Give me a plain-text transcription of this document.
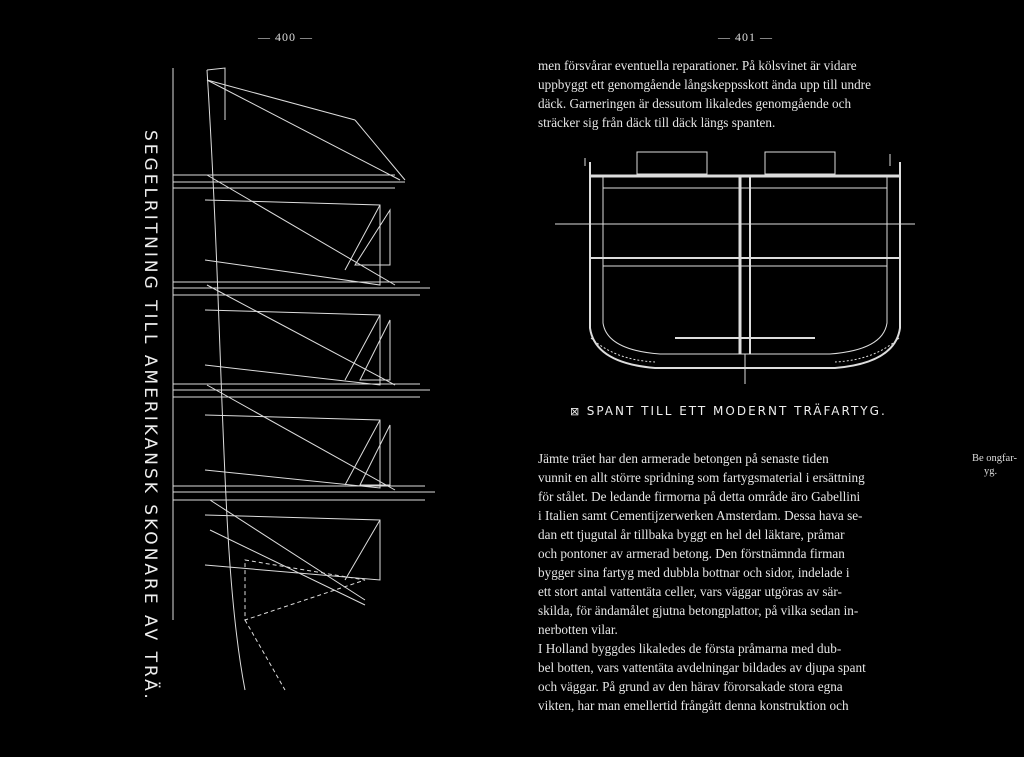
— 400 —
SEGELRITNING TILL AMERIKANSK SKONARE AV TRÄ.
— 401 —
men försvårar eventuella reparationer. På kölsvinet är vidare
uppbyggt ett genomgående långskeppsskott ända upp till undre
däck. Garneringen är dessutom likaledes genomgående och
sträcker sig från däck till däck längs spanten.
⊠ SPANT TILL ETT MODERNT TRÄFARTYG.
Jämte träet har den armerade betongen på senaste tiden
vunnit en allt större spridning som fartygsmaterial i ersättning
för stålet. De ledande firmorna på detta område äro Gabellini
i Italien samt Cementijzerwerken Amsterdam. Dessa hava se-
dan ett tjugutal år tillbaka byggt en hel del läktare, pråmar
och pontoner av armerad betong. Den förstnämnda firman
bygger sina fartyg med dubbla bottnar och sidor, indelade i
ett stort antal vattentäta celler, vars väggar utgöras av sär-
skilda, för ändamålet gjutna betongplattor, på vilka sedan in-
nerbotten vilar.
I Holland byggdes likaledes de första pråmarna med dub-
bel botten, vars vattentäta avdelningar bildades av djupa spant
och väggar. På grund av den härav förorsakade stora egna
vikten, har man emellertid frångått denna konstruktion och
Be ongfar-
yg.
